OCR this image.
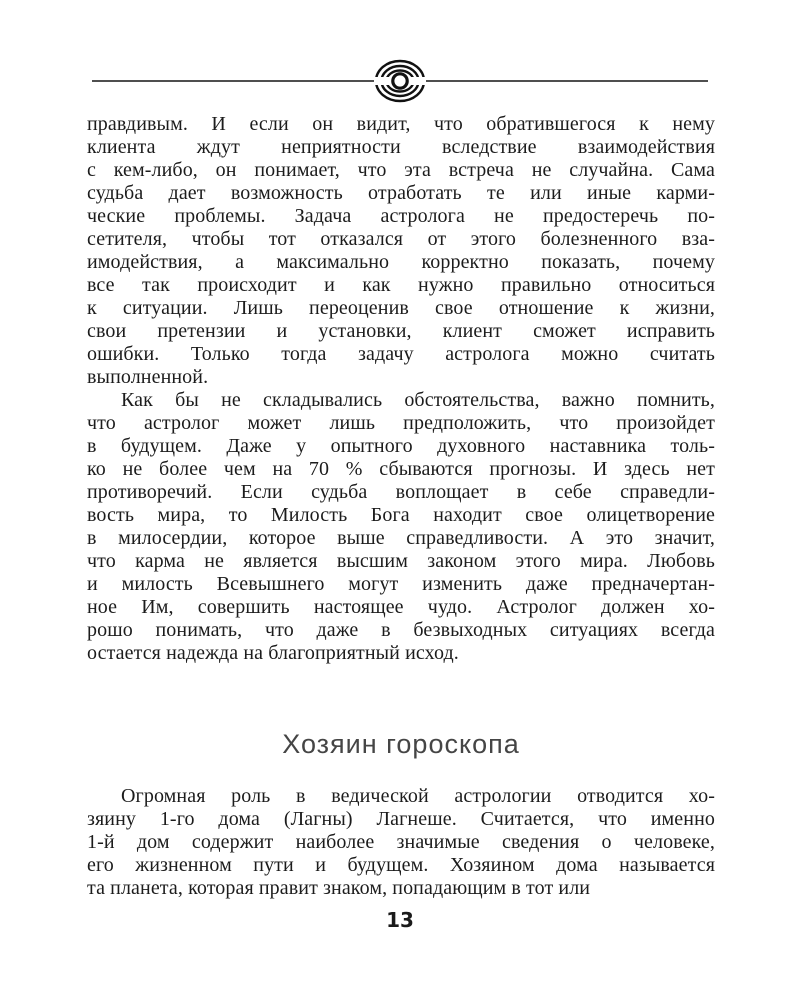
правдивым. И если он видит, что обратившегося к нему
клиента ждут неприятности вследствие взаимодействия
с кем-либо, он понимает, что эта встреча не случайна. Сама
судьба дает возможность отработать те или иные карми-
ческие проблемы. Задача астролога не предостеречь по-
сетителя, чтобы тот отказался от этого болезненного вза-
имодействия, а максимально корректно показать, почему
все так происходит и как нужно правильно относиться
к ситуации. Лишь переоценив свое отношение к жизни,
свои претензии и установки, клиент сможет исправить
ошибки. Только тогда задачу астролога можно считать
выполненной.
Как бы не складывались обстоятельства, важно помнить,
что астролог может лишь предположить, что произойдет
в будущем. Даже у опытного духовного наставника толь-
ко не более чем на 70 % сбываются прогнозы. И здесь нет
противоречий. Если судьба воплощает в себе справедли-
вость мира, то Милость Бога находит свое олицетворение
в милосердии, которое выше справедливости. А это значит,
что карма не является высшим законом этого мира. Любовь
и милость Всевышнего могут изменить даже предначертан-
ное Им, совершить настоящее чудо. Астролог должен хо-
рошо понимать, что даже в безвыходных ситуациях всегда
остается надежда на благоприятный исход.
Хозяин гороскопа
Огромная роль в ведической астрологии отводится хо-
зяину 1-го дома (Лагны) Лагнеше. Считается, что именно
1-й дом содержит наиболее значимые сведения о человеке,
его жизненном пути и будущем. Хозяином дома называется
та планета, которая правит знаком, попадающим в тот или
13
